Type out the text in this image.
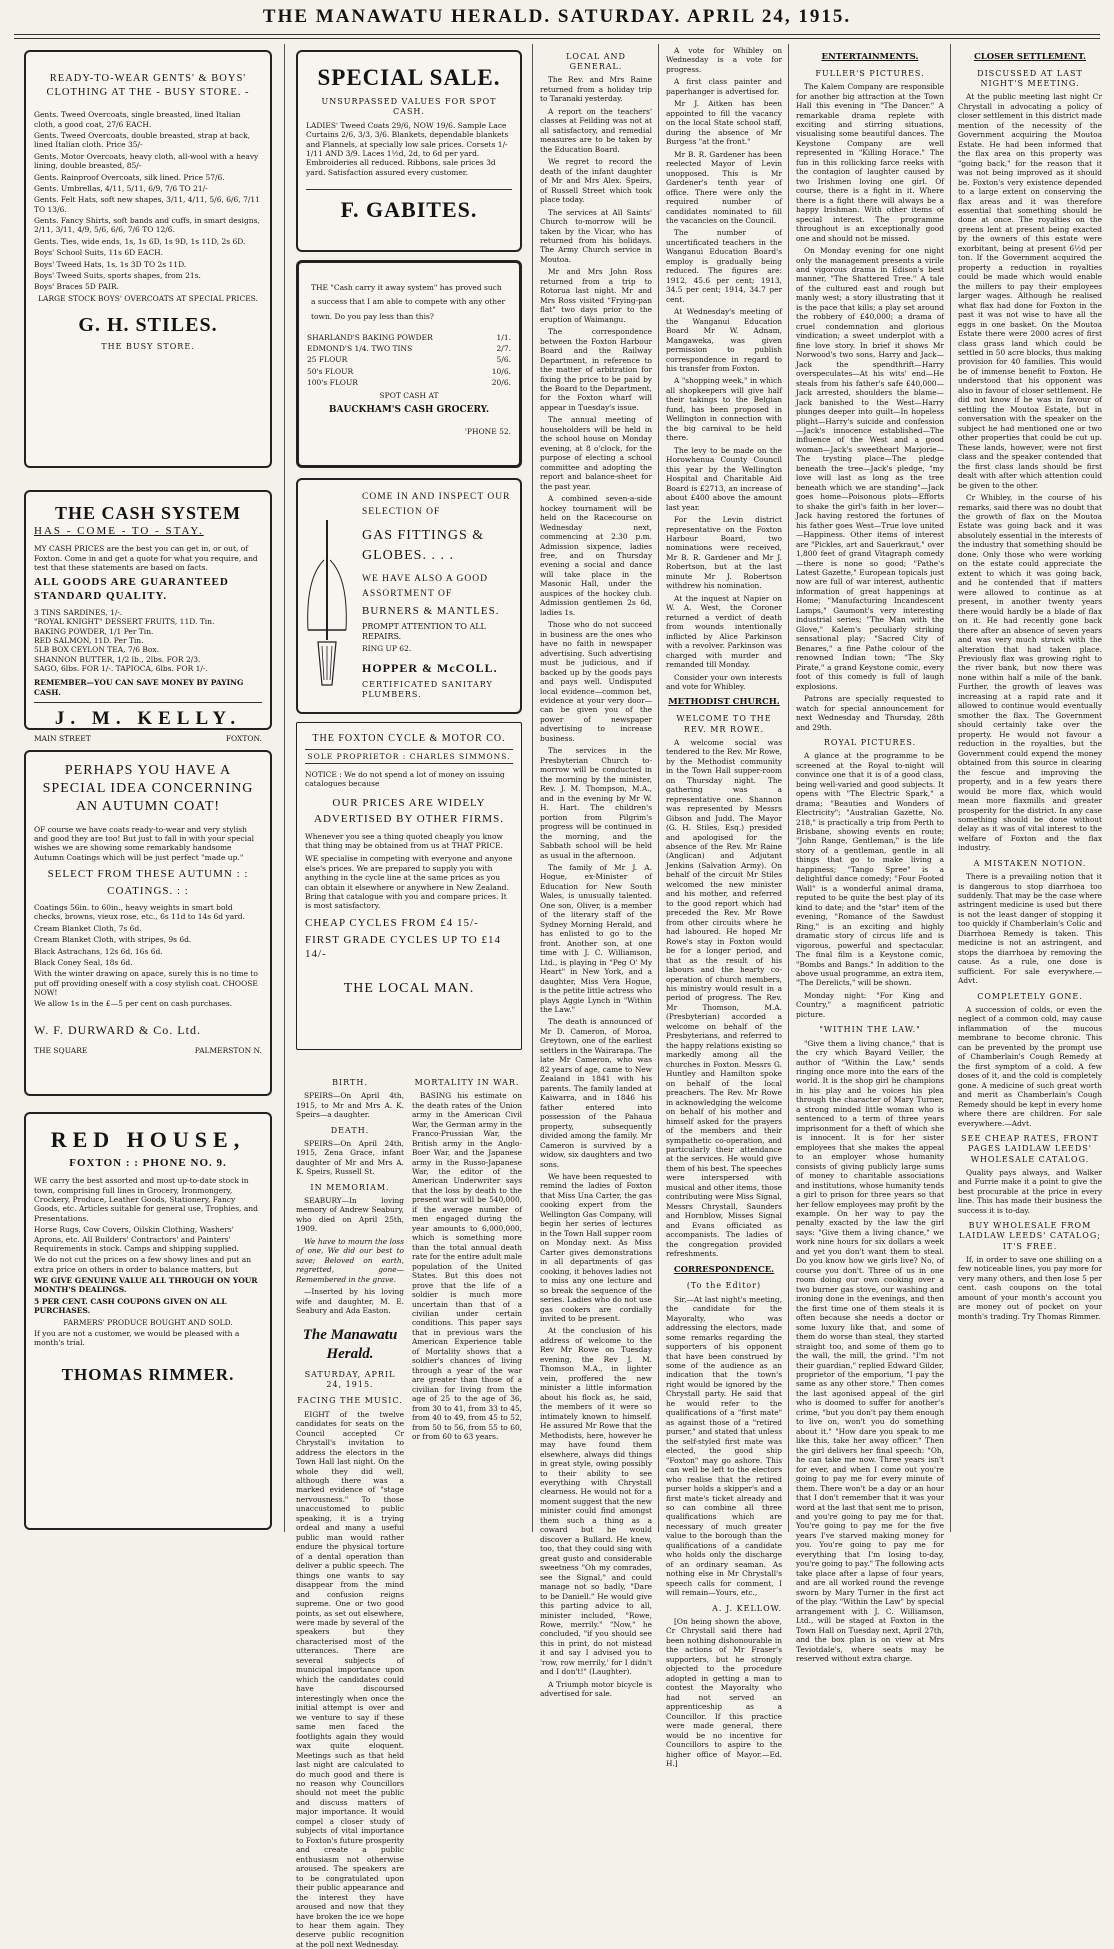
THE MANAWATU HERALD. SATURDAY. APRIL 24, 1915.
READY-TO-WEAR GENTS' & BOYS' CLOTHING AT THE - BUSY STORE. -
Gents. Tweed Overcoats, single breasted, lined Italian cloth, a good coat, 27/6 EACH.
Gents. Tweed Overcoats, double breasted, strap at back, lined Italian cloth. Price 35/-
Gents. Motor Overcoats, heavy cloth, all-wool with a heavy lining, double breasted, 85/-
Gents. Rainproof Overcoats, silk lined. Price 57/6.
Gents. Umbrellas, 4/11, 5/11, 6/9, 7/6 TO 21/-
Gents. Felt Hats, soft new shapes, 3/11, 4/11, 5/6, 6/6, 7/11 TO 13/6.
Gents. Fancy Shirts, soft bands and cuffs, in smart designs, 2/11, 3/11, 4/9, 5/6, 6/6, 7/6 TO 12/6.
Gents. Ties, wide ends, 1s, 1s 6D, 1s 9D, 1s 11D, 2s 6D.
Boys' School Suits, 11s 6D EACH.
Boys' Tweed Hats, 1s, 1s 3D TO 2s 11D.
Boys' Tweed Suits, sports shapes, from 21s.
Boys' Braces 5D PAIR.
LARGE STOCK BOYS' OVERCOATS AT SPECIAL PRICES.
G. H. STILES.
THE BUSY STORE.
THE CASH SYSTEM
HAS - COME - TO - STAY.
MY CASH PRICES are the best you can get in, or out, of Foxton. Come in and get a quote for what you require, and test that these statements are based on facts.
ALL GOODS ARE GUARANTEED STANDARD QUALITY.
3 TINS SARDINES, 1/-.
"ROYAL KNIGHT" DESSERT FRUITS, 11D. Tin.
BAKING POWDER, 1/1 Per Tin.
RED SALMON, 11D. Per Tin.
5LB BOX CEYLON TEA, 7/6 Box.
SHANNON BUTTER, 1/2 lb., 2lbs. FOR 2/3.
SAGO, 6lbs. FOR 1/-. TAPIOCA, 6lbs. FOR 1/-.
REMEMBER—YOU CAN SAVE MONEY BY PAYING CASH.
J. M. KELLY.
MAIN STREET	FOXTON.
PERHAPS YOU HAVE A SPECIAL IDEA CONCERNING AN AUTUMN COAT!
OF course we have coats ready-to-wear and very stylish and good they are too! But just to fall in with your special wishes we are showing some remarkably handsome Autumn Coatings which will be just perfect "made up."
SELECT FROM THESE AUTUMN : : COATINGS. : :
Coatings 56in. to 60in., heavy weights in smart bold checks, browns, vieux rose, etc., 6s 11d to 14s 6d yard.
Cream Blanket Cloth, 7s 6d.
Cream Blanket Cloth, with stripes, 9s 6d.
Black Astrachans, 12s 6d, 16s 6d.
Black Coney Seal, 18s 6d.
With the winter drawing on apace, surely this is no time to put off providing oneself with a cosy stylish coat. CHOOSE NOW!
We allow 1s in the £—5 per cent on cash purchases.
W. F. DURWARD & Co. Ltd.
THE SQUARE	PALMERSTON N.
RED HOUSE,
FOXTON : : PHONE NO. 9.
WE carry the best assorted and most up-to-date stock in town, comprising full lines in Grocery, Ironmongery, Crockery, Produce, Leather Goods, Stationery, Fancy Goods, etc. Articles suitable for general use, Trophies, and Presentations.
Horse Rugs, Cow Covers, Oilskin Clothing, Washers' Aprons, etc. All Builders' Contractors' and Painters' Requirements in stock. Camps and shipping supplied.
We do not cut the prices on a few showy lines and put an extra price on others in order to balance matters, but
WE GIVE GENUINE VALUE ALL THROUGH ON YOUR MONTH'S DEALINGS.
5 PER CENT. CASH COUPONS GIVEN ON ALL PURCHASES.
FARMERS' PRODUCE BOUGHT AND SOLD.
If you are not a customer, we would be pleased with a month's trial.
THOMAS RIMMER.
SPECIAL SALE.
UNSURPASSED VALUES FOR SPOT CASH.
LADIES' Tweed Coats 29/6, NOW 19/6. Sample Lace Curtains 2/6, 3/3, 3/6. Blankets, dependable blankets and Flannels, at specially low sale prices. Corsets 1/- 1/11 AND 3/9. Laces 1½d, 2d, to 6d per yard. Embroideries all reduced. Ribbons, sale prices 3d yard. Satisfaction assured every customer.
F. GABITES.
THE "Cash carry it away system" has proved such a success that I am able to compete with any other town. Do you pay less than this?
SHARLAND'S BAKING POWDER	1/1.
EDMOND'S 1/4. TWO TINS	2/7.
25 FLOUR	5/6.
50's FLOUR	10/6.
100's FLOUR	20/6.
SPOT CASH AT
BAUCKHAM'S CASH GROCERY.
'PHONE 52.
COME IN AND INSPECT OUR SELECTION OF
GAS FITTINGS & GLOBES. . . .
WE HAVE ALSO A GOOD ASSORTMENT OF
BURNERS & MANTLES.
PROMPT ATTENTION TO ALL REPAIRS.
RING UP 62.
HOPPER & McCOLL.
CERTIFICATED SANITARY PLUMBERS.
THE FOXTON CYCLE & MOTOR CO.
SOLE PROPRIETOR : CHARLES SIMMONS.
NOTICE : We do not spend a lot of money on issuing catalogues because
OUR PRICES ARE WIDELY ADVERTISED BY OTHER FIRMS.
Whenever you see a thing quoted cheaply you know that thing may be obtained from us at THAT PRICE.
WE specialise in competing with everyone and anyone else's prices. We are prepared to supply you with anything in the cycle line at the same prices as you can obtain it elsewhere or anywhere in New Zealand. Bring that catalogue with you and compare prices. It is most satisfactory.
CHEAP CYCLES FROM £4 15/-
FIRST GRADE CYCLES UP TO £14 14/-
THE LOCAL MAN.
BIRTH.

SPEIRS—On April 4th, 1915, to Mr and Mrs A. K. Speirs—a daughter.

DEATH.

SPEIRS—On April 24th, 1915, Zena Grace, infant daughter of Mr and Mrs A. K. Speirs, Russell St.

IN MEMORIAM.

SEABURY—In loving memory of Andrew Seabury, who died on April 25th, 1909.

We have to mourn the loss of one, We did our best to save; Beloved on earth, regretted, gone—Remembered in the grave.

—Inserted by his loving wife and daughter, M. E. Seabury and Ada Easton.

The Manawatu Herald.
SATURDAY, APRIL 24, 1915.
FACING THE MUSIC.

EIGHT of the twelve candidates for seats on the Council accepted Cr Chrystall's invitation to address the electors in the Town Hall last night. On the whole they did well, although there was a marked evidence of "stage nervousness." To those unaccustomed to public speaking, it is a trying ordeal and many a useful public man would rather endure the physical torture of a dental operation than deliver a public speech. The things one wants to say disappear from the mind and confusion reigns supreme. One or two good points, as set out elsewhere, were made by several of the speakers but they characterised most of the utterances. There are several subjects of municipal importance upon which the candidates could have discoursed interestingly when once the initial attempt is over and we venture to say if these same men faced the footlights again they would wax quite eloquent. Meetings such as that held last night are calculated to do much good and there is no reason why Councillors should not meet the public and discuss matters of major importance. It would compel a closer study of subjects of vital importance to Foxton's future prosperity and create a public enthusiasm not otherwise aroused. The speakers are to be congratulated upon their public appearance and the interest they have aroused and now that they have broken the ice we hope to hear them again. They deserve public recognition at the poll next Wednesday.

MORTALITY IN WAR.

BASING his estimate on the death rates of the Union army in the American Civil War, the German army in the Franco-Prussian War, the British army in the Anglo-Boer War, and the Japanese army in the Russo-Japanese War, the editor of the American Underwriter says that the loss by death to the present war will be 540,000, if the average number of men engaged during the year amounts to 6,000,000, which is something more than the total annual death rate for the entire adult male population of the United States. But this does not prove that the life of a soldier is much more uncertain than that of a civilian under certain conditions. This paper says that in previous wars the American Experience table of Mortality shows that a soldier's chances of living through a year of the war are greater than those of a civilian for living from the age of 25 to the age of 36, from 30 to 41, from 33 to 45, from 40 to 49, from 45 to 52, from 50 to 56, from 55 to 60, or from 60 to 63 years.

LOCAL AND GENERAL.

The Rev. and Mrs Raine returned from a holiday trip to Taranaki yesterday.

A report on the teachers' classes at Feilding was not at all satisfactory, and remedial measures are to be taken by the Education Board.

We regret to record the death of the infant daughter of Mr and Mrs Alex. Speirs, of Russell Street which took place today.

The services at All Saints' Church to-morrow will be taken by the Vicar, who has returned from his holidays. The Army Church service in Moutoa.

Mr and Mrs John Ross returned from a trip to Rotorua last night. Mr and Mrs Ross visited "Frying-pan flat" two days prior to the eruption of Waimangu.

The correspondence between the Foxton Harbour Board and the Railway Department, in reference to the matter of arbitration for fixing the price to be paid by the Board to the Department, for the Foxton wharf will appear in Tuesday's issue.

The annual meeting of householders will be held in the school house on Monday evening, at 8 o'clock, for the purpose of electing a school committee and adopting the report and balance-sheet for the past year.

A combined seven-a-side hockey tournament will be held on the Racecourse on Wednesday next, commencing at 2.30 p.m. Admission sixpence, ladies free, and on Thursday evening a social and dance will take place in the Masonic Hall, under the auspices of the hockey club. Admission gentlemen 2s 6d, ladies 1s.

Those who do not succeed in business are the ones who have no faith in newspaper advertising. Such advertising must be judicious, and if backed up by the goods pays and pays well. Undisputed local evidence—common bet, evidence at your very door—can be given you of the power of newspaper advertising to increase business.

The services in the Presbyterian Church to-morrow will be conducted in the morning by the minister, Rev. J. M. Thompson, M.A., and in the evening by Mr W. H. Hart. The children's portion from Pilgrim's progress will be continued in the morning, and the Sabbath school will be held as usual in the afternoon.

The family of Mr J. A. Hogue, ex-Minister of Education for New South Wales, is unusually talented. One son, Oliver, is a member of the literary staff of the Sydney Morning Herald, and has enlisted to go to the front. Another son, at one time with J. C. Williamson, Ltd., is playing in "Peg O' My Heart" in New York, and a daughter, Miss Vera Hogue, is the petite little actress who plays Aggie Lynch in "Within the Law."

The death is announced of Mr D. Cameron, of Moroa, Greytown, one of the earliest settlers in the Wairarapa. The late Mr Cameron, who was 82 years of age, came to New Zealand in 1841 with his parents. The family landed at Kaiwarra, and in 1846 his father entered into possession of the Pahaua property, subsequently divided among the family. Mr Cameron is survived by a widow, six daughters and two sons.

We have been requested to remind the ladies of Foxton that Miss Una Carter, the gas cooking expert from the Wellington Gas Company, will begin her series of lectures in the Town Hall supper room on Monday next. As Miss Carter gives demonstrations in all departments of gas cooking, it behoves ladies not to miss any one lecture and so break the sequence of the series. Ladies who do not use gas cookers are cordially invited to be present.

At the conclusion of his address of welcome to the Rev Mr Rowe on Tuesday evening, the Rev J. M. Thomson M.A., in lighter vein, proffered the new minister a little information about his flock as, he said, the members of it were so intimately known to himself. He assured Mr Rowe that the Methodists, here, however he may have found them elsewhere, always did things in great style, owing possibly to their ability to see everything with Chrystall clearness. He would not for a moment suggest that the new minister could find amongst them such a thing as a coward but he would discover a Bullard. He knew, too, that they could sing with great gusto and considerable sweetness "Oh my comrades, see the Signal," and could manage not so badly, "Dare to be Daniell." He would give this parting advice to all, minister included, "Rowe, Rowe, merrily." "Now," he concluded, "if you should see this in print, do not mistead it and say I advised you to 'row, row merrily,' for I didn't and I don't!" (Laughter).

A Triumph motor bicycle is advertised for sale.

A vote for Whibley on Wednesday is a vote for progress.

A first class painter and paperhanger is advertised for.

Mr J. Aitken has been appointed to fill the vacancy on the local State school staff, during the absence of Mr Burgess "at the front."

Mr B. R. Gardener has been reelected Mayor of Levin unopposed. This is Mr Gardener's tenth year of office. There were only the required number of candidates nominated to fill the vacancies on the Council.

The number of uncertificated teachers in the Wanganui Education Board's employ is gradually being reduced. The figures are: 1912, 45.6 per cent; 1913, 34.5 per cent; 1914, 34.7 per cent.

At Wednesday's meeting of the Wanganui Education Board Mr W. Adnam, Mangaweka, was given permission to publish correspondence in regard to his transfer from Foxton.

A "shopping week," in which all shopkeepers will give half their takings to the Belgian fund, has been proposed in Wellington in connection with the big carnival to be held there.

The levy to be made on the Horowhenua County Council this year by the Wellington Hospital and Charitable Aid Board is £2713, an increase of about £400 above the amount last year.

For the Levin district representative on the Foxton Harbour Board, two nominations were received, Mr B. R. Gardener and Mr J. Robertson, but at the last minute Mr J. Robertson withdrew his nomination.

At the inquest at Napier on W. A. West, the Coroner returned a verdict of death from wounds intentionally inflicted by Alice Parkinson with a revolver. Parkinson was charged with murder and remanded till Monday.

Consider your own interests and vote for Whibley.

METHODIST CHURCH.
WELCOME TO THE REV. MR ROWE.

A welcome social was tendered to the Rev. Mr Rowe, by the Methodist community in the Town Hall supper-room on Thursday night. The gathering was a representative one. Shannon was represented by Messrs Gibson and Judd. The Mayor (G. H. Stiles, Esq.) presided and apologised for the absence of the Rev. Mr Raine (Anglican) and Adjutant Jenkins (Salvation Army). On behalf of the circuit Mr Stiles welcomed the new minister and his mother, and referred to the good report which had preceded the Rev. Mr Rowe from other circuits where he had laboured. He hoped Mr Rowe's stay in Foxton would be for a longer period, and that as the result of his labours and the hearty co-operation of church members, his ministry would result in a period of progress. The Rev. Mr Thomson, M.A. (Presbyterian) accorded a welcome on behalf of the Presbyterians, and referred to the happy relations existing so markedly among all the churches in Foxton. Messrs G. Huntley and Hamilton spoke on behalf of the local preachers. The Rev. Mr Rowe in acknowledging the welcome on behalf of his mother and himself asked for the prayers of the members and their sympathetic co-operation, and particularly their attendance at the services. He would give them of his best. The speeches were interspersed with musical and other items, those contributing were Miss Signal, Messrs Chrystall, Saunders and Hornblow, Misses Signal and Evans officiated as accompanists. The ladies of the congregation provided refreshments.

CORRESPONDENCE.
(To the Editor)

Sir,—At last night's meeting, the candidate for the Mayoralty, who was addressing the electors, made some remarks regarding the supporters of his opponent that have been construed by some of the audience as an indication that the town's right would be ignored by the Chrystall party. He said that he would refer to the qualifications of a "first mate" as against those of a "retired purser," and stated that unless the self-styled first mate was elected, the good ship "Foxton" may go ashore. This can well be left to the electors who realise that the retired purser holds a skipper's and a first mate's ticket already and so can combine all three qualifications which are necessary of much greater value to the borough than the qualifications of a candidate who holds only the discharge of an ordinary seaman. As nothing else in Mr Chrystall's speech calls for comment, I will remain—Yours, etc.,

A. J. KELLOW.

[On being shown the above, Cr Chrystall said there had been nothing dishonourable in the actions of Mr Fraser's supporters, but he strongly objected to the procedure adopted in getting a man to contest the Mayoralty who had not served an apprenticeship as a Councillor. If this practice were made general, there would be no incentive for Councillors to aspire to the higher office of Mayor.—Ed. H.]

ENTERTAINMENTS.
FULLER'S PICTURES.

The Kalem Company are responsible for another big attraction at the Town Hall this evening in "The Dancer." A remarkable drama replete with exciting and stirring situations, visualising some beautiful dances. The Keystone Company are well represented in "Killing Horace." The fun in this rollicking farce reeks with the contagion of laughter caused by two Irishmen loving one girl. Of course, there is a fight in it. Where there is a fight there will always be a happy Irishman. With other items of special interest. The programme throughout is an exceptionally good one and should not be missed.

On Monday evening for one night only the management presents a virile and vigorous drama in Edison's best manner, "The Shattered Tree." A tale of the cultured east and rough but manly west; a story illustrating that it is the pace that kills; a play set around the robbery of £40,000; a drama of cruel condemnation and glorious vindication; a sweet underplot with a fine love story. In brief it shows Mr Norwood's two sons, Harry and Jack—Jack the spendthrift—Harry overspeculates—At his wits' end—He steals from his father's safe £40,000—Jack arrested, shoulders the blame—Jack banished to the West—Harry plunges deeper into guilt—In hopeless plight—Harry's suicide and confession—Jack's innocence established—The influence of the West and a good woman—Jack's sweetheart Marjorie—The trysting place—The pledge beneath the tree—Jack's pledge, "my love will last as long as the tree beneath which we are standing"—Jack goes home—Poisonous plots—Efforts to shake the girl's faith in her lover—Jack having restored the fortunes of his father goes West—True love united—Happiness. Other items of interest are "Pickles, art and Sauerkraut," over 1,800 feet of grand Vitagraph comedy—there is none so good; "Pathe's Latest Gazette," European topicals just now are full of war interest, authentic information of great happenings at Home; "Manufacturing Incandescent Lamps," Gaumont's very interesting industrial series; "The Man with the Glove," Kalem's peculiarly striking sensational play; "Sacred City of Benares," a fine Pathe colour of the renowned Indian town; "The Sky Pirate," a grand Keystone comic, every foot of this comedy is full of laugh explosions.

Patrons are specially requested to watch for special announcement for next Wednesday and Thursday, 28th and 29th.

ROYAL PICTURES.

A glance at the programme to be screened at the Royal to-night will convince one that it is of a good class, being well-varied and good subjects. It opens with "The Electric Spark," a drama; "Beauties and Wonders of Electricity"; "Australian Gazette, No. 218," is practically a trip from Perth to Brisbane, showing events en route; "John Range, Gentleman," is the life story of a gentleman, gentle in all things that go to make living a happiness; "Tango Spree" is a delightful dance comedy; "Four Footed Wall" is a wonderful animal drama, reputed to be quite the best play of its kind to date; and the "star" item of the evening, "Romance of the Sawdust Ring," is an exciting and highly dramatic story of circus life and is vigorous, powerful and spectacular. The final film is a Keystone comic, "Bombs and Bangs." In addition to the above usual programme, an extra item, "The Derelicts," will be shown.

Monday night: "For King and Country," a magnificent patriotic picture.

"WITHIN THE LAW."

"Give them a living chance," that is the cry which Bayard Veiller, the author of "Within the Law," sends ringing once more into the ears of the world. It is the shop girl he champions in his play and he voices his plea through the character of Mary Turner, a strong minded little woman who is sentenced to a term of three years imprisonment for a theft of which she is innocent. It is for her sister employees that she makes the appeal to an employer whose humanity consists of giving publicly large sums of money to charitable associations and institutions, whose humanity tends a girl to prison for three years so that her fellow employees may profit by the example. On her way to pay the penalty exacted by the law the girl says: "Give them a living chance," we work nine hours for six dollars a week and yet you don't want them to steal. Do you know how we girls live? No, of course you don't. Three of us in one room doing our own cooking over a two burner gas stove, our washing and ironing done in the evenings, and then the first time one of them steals it is often because she needs a doctor or some luxury like that, and some of them do worse than steal, they started straight too, and some of them go to the wall, the mill, the grind. "I'm not their guardian," replied Edward Gilder, proprietor of the emporium, "I pay the same as any other store." Then comes the last agonised appeal of the girl who is doomed to suffer for another's crime, "but you don't pay them enough to live on, won't you do something about it." "How dare you speak to me like this, take her away officer." Then the girl delivers her final speech: "Oh, he can take me now. Three years isn't for ever, and when I come out you're going to pay me for every minute of them. There won't be a day or an hour that I don't remember that it was your word at the last that sent me to prison, and you're going to pay me for that. You're going to pay me for the five years I've starved making money for you. You're going to pay me for everything that I'm losing to-day, you're going to pay." The following acts take place after a lapse of four years, and are all worked round the revenge sworn by Mary Turner in the first act of the play. "Within the Law" by special arrangement with J. C. Williamson, Ltd., will be staged at Foxton in the Town Hall on Tuesday next, April 27th, and the box plan is on view at Mrs Teviotdale's, where seats may be reserved without extra charge.

CLOSER SETTLEMENT.
DISCUSSED AT LAST NIGHT'S MEETING.

At the public meeting last night Cr Chrystall in advocating a policy of closer settlement in this district made mention of the necessity of the Government acquiring the Moutoa Estate. He had been informed that the flax area on this property was "going back," for the reason that it was not being improved as it should be. Foxton's very existence depended to a large extent on conserving the flax areas and it was therefore essential that something should be done at once. The royalties on the greens lent at present being exacted by the owners of this estate were exorbitant, being at present 6½d per ton. If the Government acquired the property a reduction in royalties could be made which would enable the millers to pay their employees larger wages. Although he realised what flax had done for Foxton in the past it was not wise to have all the eggs in one basket. On the Moutoa Estate there were 2000 acres of first class grass land which could be settled in 50 acre blocks, thus making provision for 40 families. This would be of immense benefit to Foxton. He understood that his opponent was also in favour of closer settlement. He did not know if he was in favour of settling the Moutoa Estate, but in conversation with the speaker on the subject he had mentioned one or two other properties that could be cut up. These lands, however, were not first class and the speaker contended that the first class lands should be first dealt with after which attention could be given to the other.

Cr Whibley, in the course of his remarks, said there was no doubt that the growth of flax on the Moutoa Estate was going back and it was absolutely essential in the interests of the industry that something should be done. Only those who were working on the estate could appreciate the extent to which it was going back, and he contended that if matters were allowed to continue as at present, in another twenty years there would hardly be a blade of flax on it. He had recently gone back there after an absence of seven years and was very much struck with the alteration that had taken place. Previously flax was growing right to the river bank, but now there was none within half a mile of the bank. Further, the growth of leaves was increasing at a rapid rate and it allowed to continue would eventually smother the flax. The Government should certainly take over the property. He would not favour a reduction in the royalties, but the Government could expend the money obtained from this source in clearing the fescue and improving the property, and in a few years there would be more flax, which would mean more flaxmills and greater prosperity for the district. In any case something should be done without delay as it was of vital interest to the welfare of Foxton and the flax industry.

A MISTAKEN NOTION.

There is a prevailing notion that it is dangerous to stop diarrhoea too suddenly. That may be the case where astringent medicine is used but there is not the least danger of stopping it too quickly if Chamberlain's Colic and Diarrhoea Remedy is taken. This medicine is not an astringent, and stops the diarrhoea by removing the cause. As a rule, one dose is sufficient. For sale everywhere.—Advt.

COMPLETELY GONE.

A succession of colds, or even the neglect of a common cold, may cause inflammation of the mucous membrane to become chronic. This can be prevented by the prompt use of Chamberlain's Cough Remedy at the first symptom of a cold. A few doses of it, and the cold is completely gone. A medicine of such great worth and merit as Chamberlain's Cough Remedy should be kept in every home where there are children. For sale everywhere.—Advt.

SEE CHEAP RATES, FRONT PAGES LAIDLAW LEEDS' WHOLESALE CATALOG.

Quality pays always, and Walker and Furrie make it a point to give the best procurable at the price in every line. This has made their business the success it is to-day.

BUY WHOLESALE FROM LAIDLAW LEEDS' CATALOG; IT'S FREE.

If, in order to save one shilling on a few noticeable lines, you pay more for very many others, and then lose 5 per cent. cash coupons on the total amount of your month's account you are money out of pocket on your month's trading. Try Thomas Rimmer.
